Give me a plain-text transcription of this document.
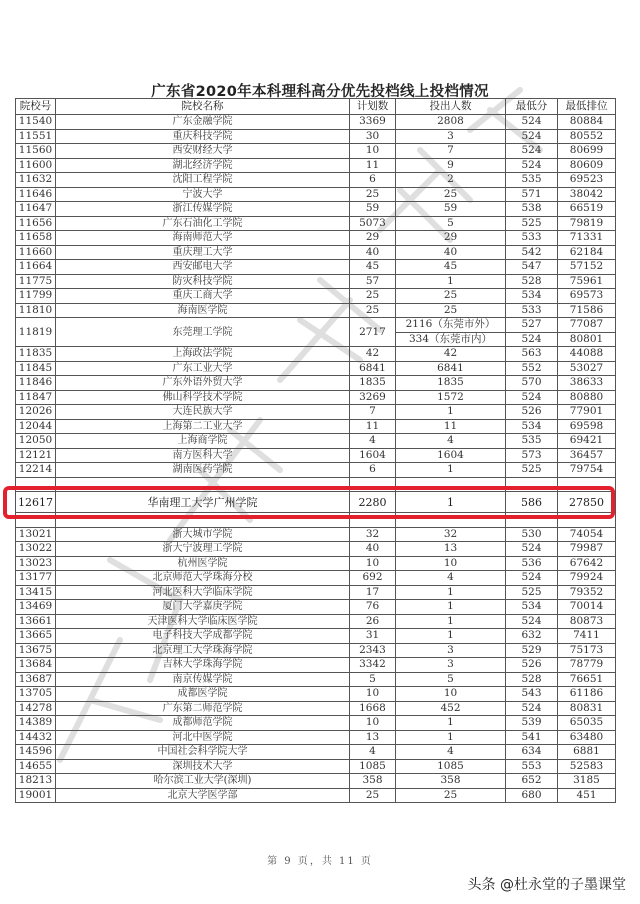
广东省2020年本科理科高分优先投档线上投档情况
院校号	院校名称	计划数	投出人数	最低分	最低排位
11540	广东金融学院	3369	2808	524	80884
11551	重庆科技学院	30	3	524	80552
11560	西安财经大学	10	7	524	80699
11600	湖北经济学院	11	9	524	80609
11632	沈阳工程学院	6	2	535	69523
11646	宁波大学	25	25	571	38042
11647	浙江传媒学院	59	59	538	66519
11656	广东石油化工学院	5073	5	525	79819
11658	海南师范大学	29	29	533	71331
11660	重庆理工大学	40	40	542	62184
11664	西安邮电大学	45	45	547	57152
11775	防灾科技学院	57	1	528	75961
11799	重庆工商大学	25	25	534	69573
11810	海南医学院	25	25	533	71586
11819	东莞理工学院	2717	2116（东莞市外）	527	77087
			334（东莞市内）	524	80801
11835	上海政法学院	42	42	563	44088
11845	广东工业大学	6841	6841	552	53027
11846	广东外语外贸大学	1835	1835	570	38633
11847	佛山科学技术学院	3269	1572	524	80880
12026	大连民族大学	7	1	526	77901
12044	上海第二工业大学	11	11	534	69598
12050	上海商学院	4	4	535	69421
12121	南方医科大学	1604	1604	573	36457
12214	湖南医药学院	6	1	525	79754

12617	华南理工大学广州学院	2280	1	586	27850

13021	浙大城市学院	32	32	530	74054
13022	浙大宁波理工学院	40	13	524	79987
13023	杭州医学院	10	10	536	67642
13177	北京师范大学珠海分校	692	4	524	79924
13415	河北医科大学临床学院	17	1	525	79352
13469	厦门大学嘉庚学院	76	1	534	70014
13661	天津医科大学临床医学院	26	1	524	80873
13665	电子科技大学成都学院	31	1	632	7411
13675	北京理工大学珠海学院	2343	3	529	75173
13684	吉林大学珠海学院	3342	3	526	78779
13687	南京传媒学院	5	5	528	76651
13705	成都医学院	10	10	543	61186
14278	广东第二师范学院	1668	452	524	80831
14389	成都师范学院	10	1	539	65035
14432	河北中医学院	13	1	541	63480
14596	中国社会科学院大学	4	4	634	6881
14655	深圳技术大学	1085	1085	553	52583
18213	哈尔滨工业大学(深圳)	358	358	652	3185
19001	北京大学医学部	25	25	680	451
第 9 页，共 11 页
头条 @杜永堂的子墨课堂
